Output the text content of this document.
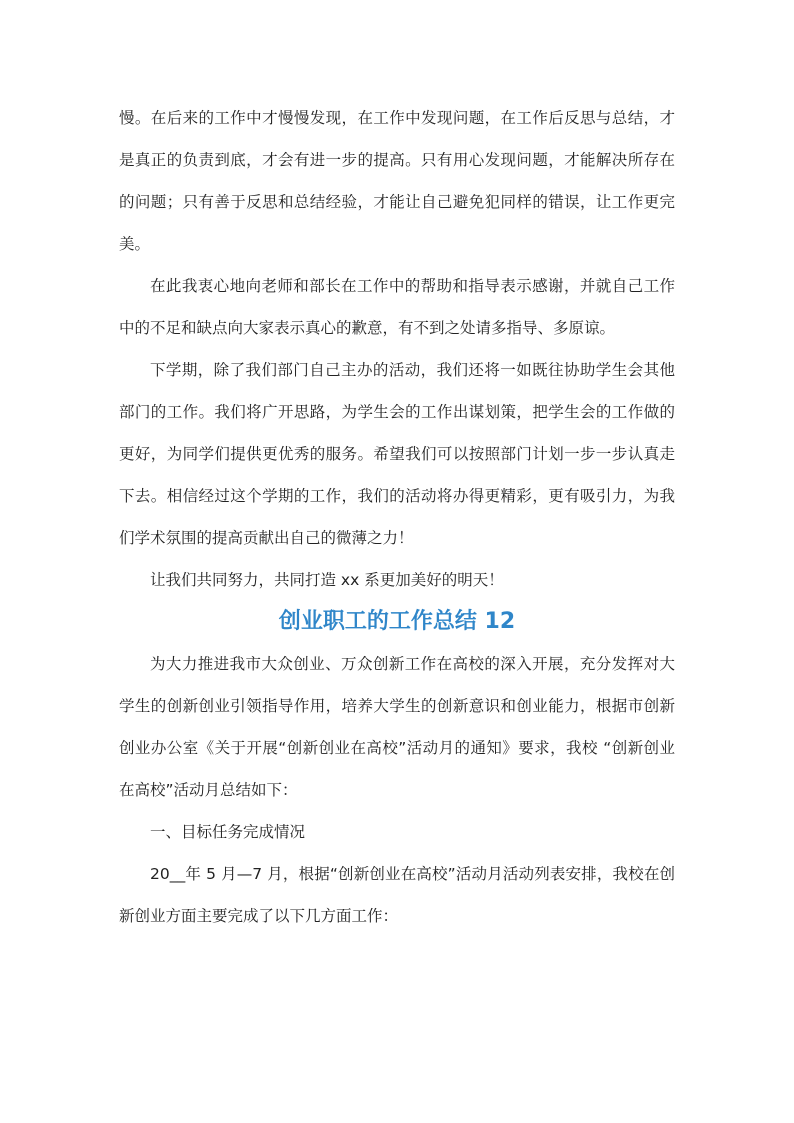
慢。在后来的工作中才慢慢发现，在工作中发现问题，在工作后反思与总结，才是真正的负责到底，才会有进一步的提高。只有用心发现问题，才能解决所存在的问题；只有善于反思和总结经验，才能让自己避免犯同样的错误，让工作更完美。

在此我衷心地向老师和部长在工作中的帮助和指导表示感谢，并就自己工作中的不足和缺点向大家表示真心的歉意，有不到之处请多指导、多原谅。

下学期，除了我们部门自己主办的活动，我们还将一如既往协助学生会其他部门的工作。我们将广开思路，为学生会的工作出谋划策，把学生会的工作做的更好，为同学们提供更优秀的服务。希望我们可以按照部门计划一步一步认真走下去。相信经过这个学期的工作，我们的活动将办得更精彩，更有吸引力，为我们学术氛围的提高贡献出自己的微薄之力！

让我们共同努力，共同打造 xx 系更加美好的明天！

创业职工的工作总结 12

为大力推进我市大众创业、万众创新工作在高校的深入开展，充分发挥对大学生的创新创业引领指导作用，培养大学生的创新意识和创业能力，根据市创新创业办公室《关于开展“创新创业在高校”活动月的通知》要求，我校 “创新创业在高校”活动月总结如下：

一、目标任务完成情况

20__年 5 月—7 月，根据“创新创业在高校”活动月活动列表安排，我校在创新创业方面主要完成了以下几方面工作：
